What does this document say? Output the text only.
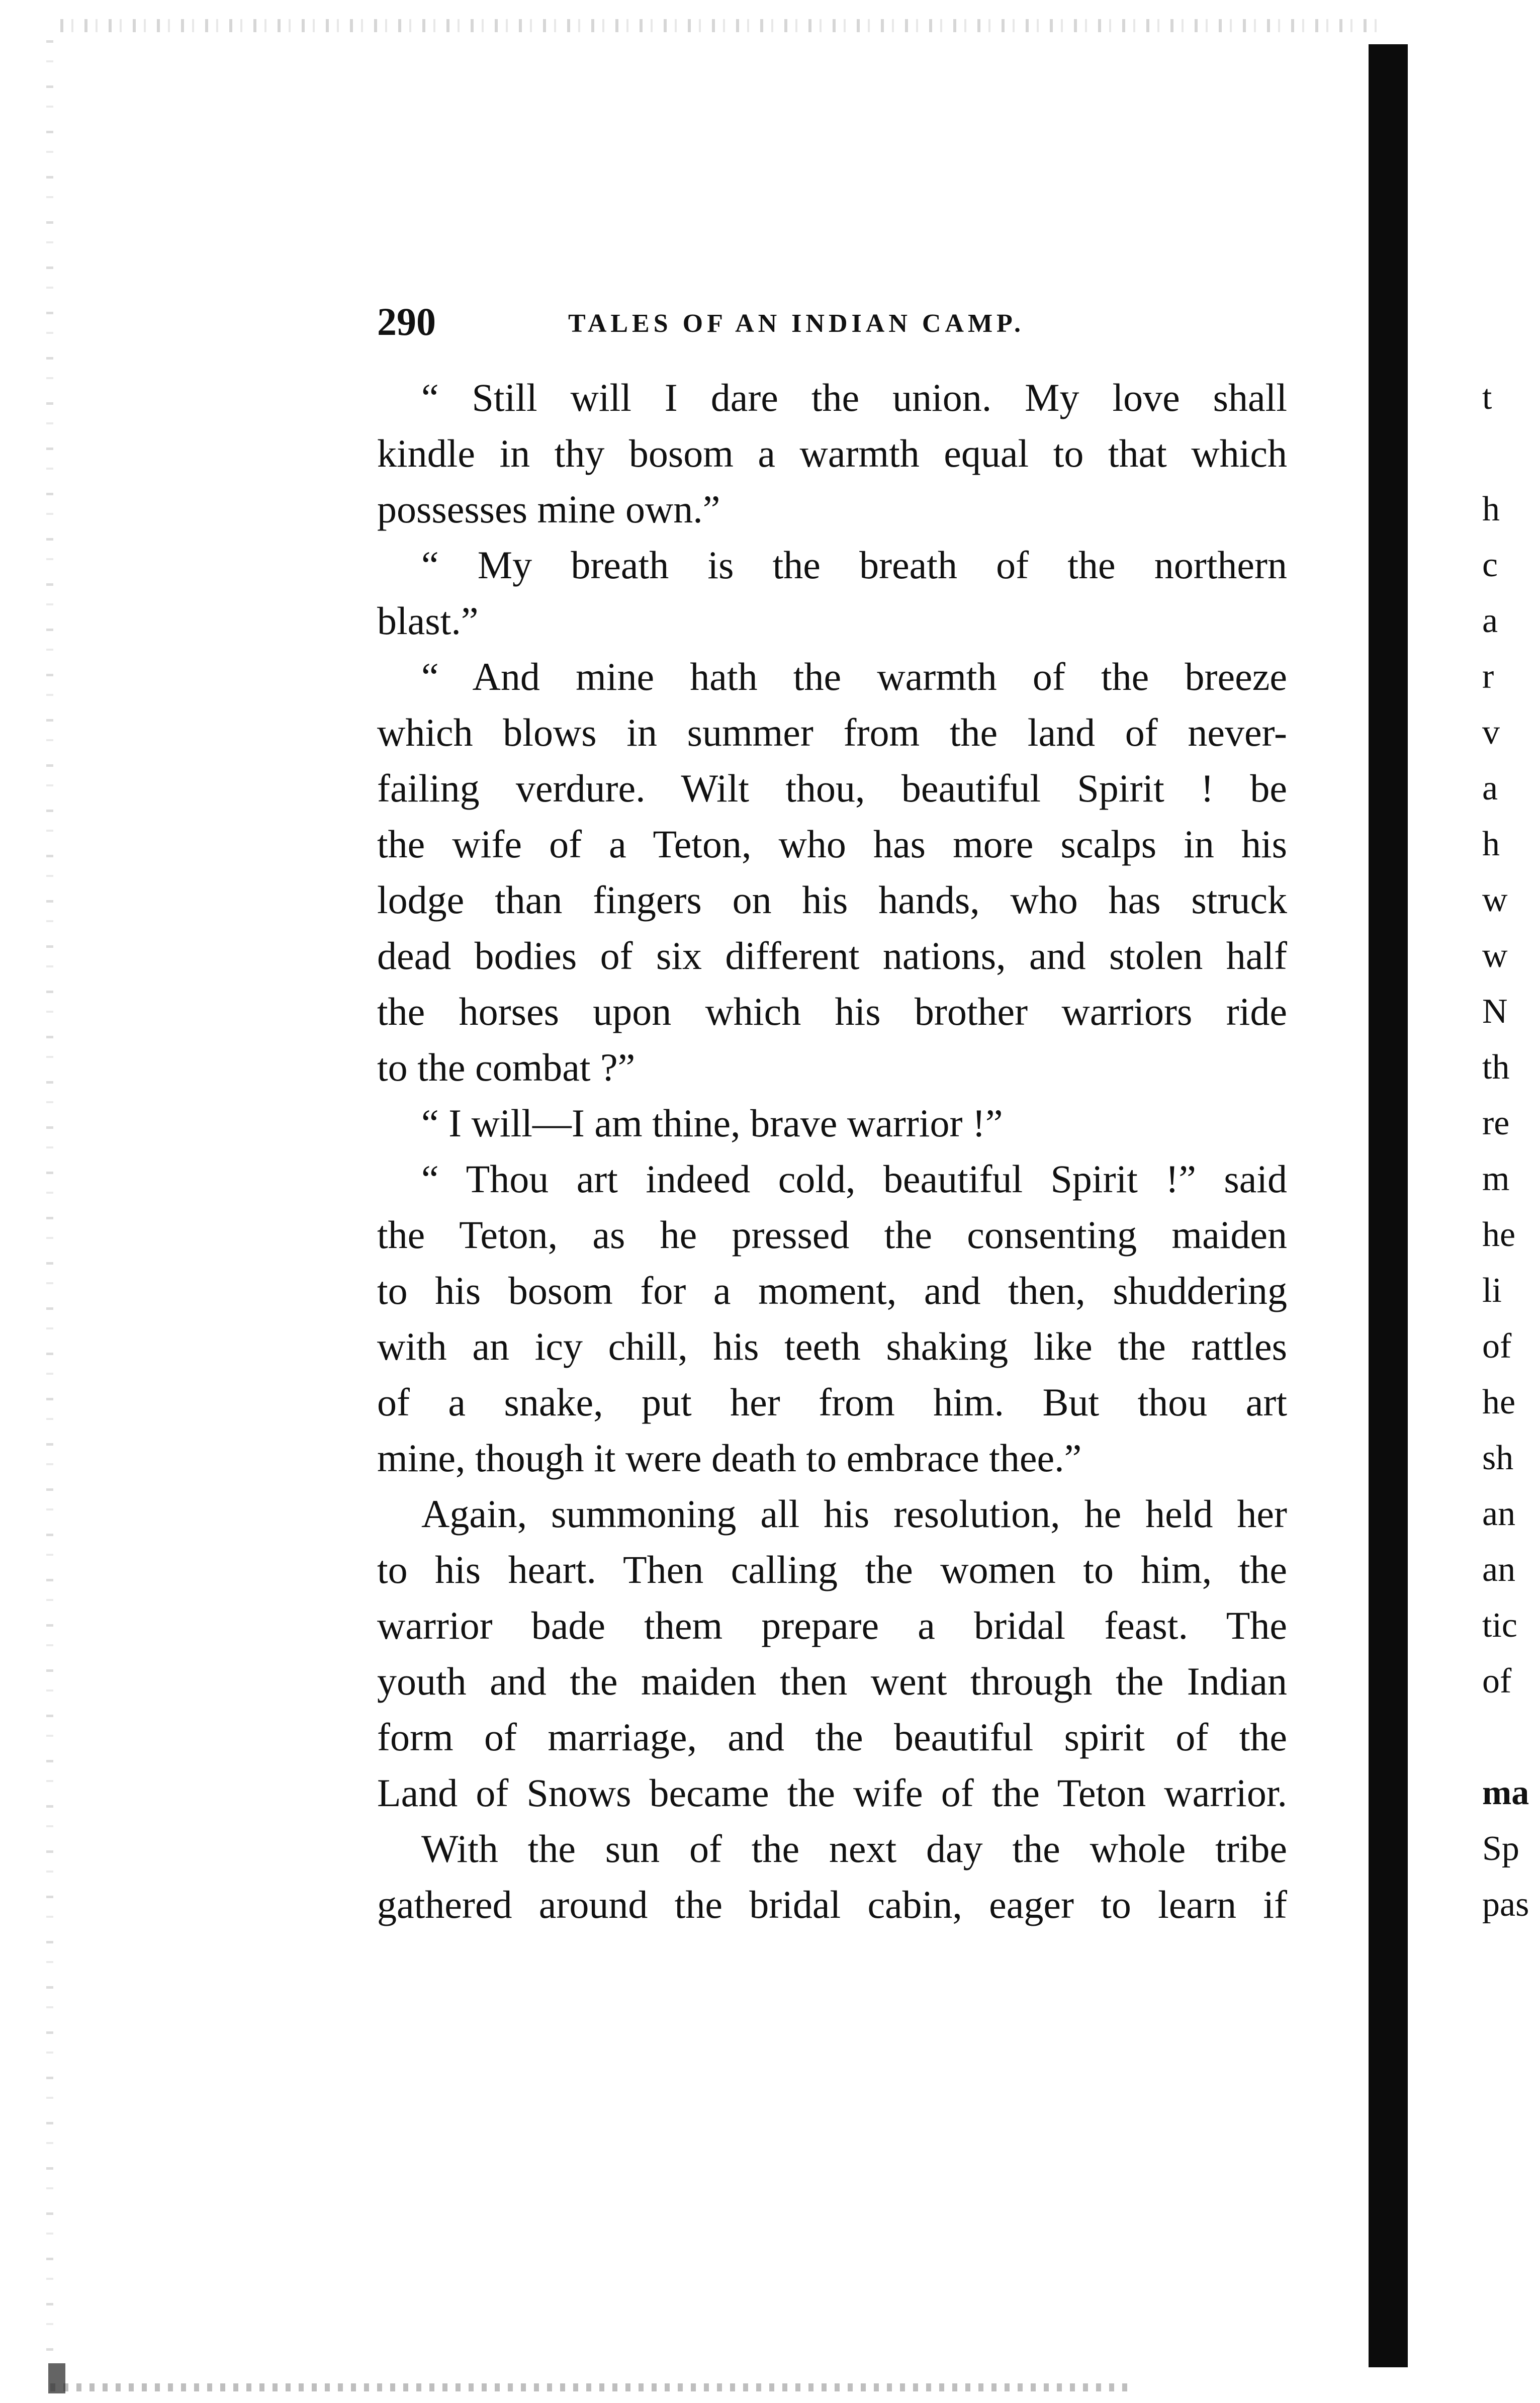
290	TALES OF AN INDIAN CAMP.
“ Still will I dare the union. My love shall
kindle in thy bosom a warmth equal to that which
possesses mine own.”
“ My breath is the breath of the northern
blast.”
“ And mine hath the warmth of the breeze
which blows in summer from the land of never-
failing verdure. Wilt thou, beautiful Spirit ! be
the wife of a Teton, who has more scalps in his
lodge than fingers on his hands, who has struck
dead bodies of six different nations, and stolen half
the horses upon which his brother warriors ride
to the combat ?”
“ I will—I am thine, brave warrior !”
“ Thou art indeed cold, beautiful Spirit !” said
the Teton, as he pressed the consenting maiden
to his bosom for a moment, and then, shuddering
with an icy chill, his teeth shaking like the rattles
of a snake, put her from him. But thou art
mine, though it were death to embrace thee.”
Again, summoning all his resolution, he held her
to his heart. Then calling the women to him, the
warrior bade them prepare a bridal feast. The
youth and the maiden then went through the Indian
form of marriage, and the beautiful spirit of the
Land of Snows became the wife of the Teton warrior.
With the sun of the next day the whole tribe
gathered around the bridal cabin, eager to learn if
t
h
c
a
r
v
a
h
w
w
N
th
re
m
he
li
of
he
sh
an
an
tic
of
ma
Sp
pas
